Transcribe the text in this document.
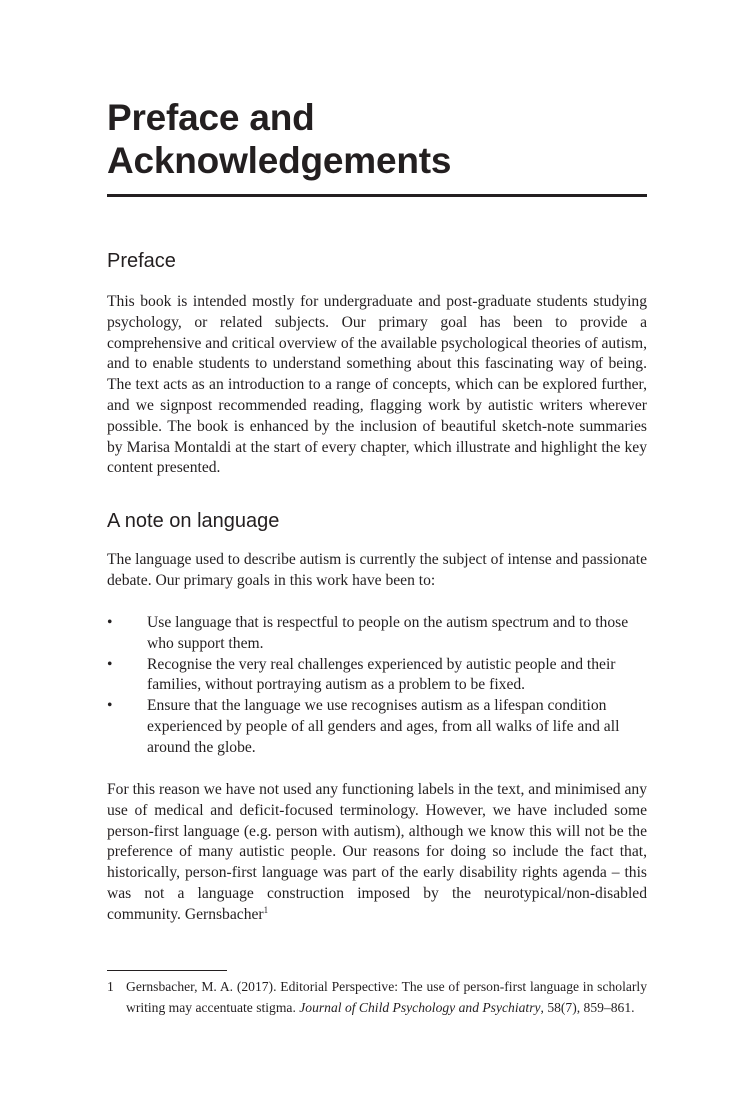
Preface and
Acknowledgements
Preface

This book is intended mostly for undergraduate and post-graduate students studying psychology, or related subjects. Our primary goal has been to provide a comprehensive and critical overview of the available psychological theories of autism, and to enable students to understand something about this fascinating way of being. The text acts as an introduction to a range of concepts, which can be explored further, and we signpost recommended reading, flagging work by autistic writers wherever possible. The book is enhanced by the inclusion of beautiful sketch-note summaries by Marisa Montaldi at the start of every chapter, which illustrate and highlight the key content presented.

A note on language

The language used to describe autism is currently the subject of intense and passionate debate. Our primary goals in this work have been to:

• Use language that is respectful to people on the autism spectrum and to those who support them.
• Recognise the very real challenges experienced by autistic people and their families, without portraying autism as a problem to be fixed.
• Ensure that the language we use recognises autism as a lifespan condition experienced by people of all genders and ages, from all walks of life and all around the globe.

For this reason we have not used any functioning labels in the text, and minimised any use of medical and deficit-focused terminology. However, we have included some person-first language (e.g. person with autism), although we know this will not be the preference of many autistic people. Our reasons for doing so include the fact that, historically, person-first language was part of the early disability rights agenda – this was not a language construction imposed by the neurotypical/non-disabled community. Gernsbacher$^1$

1 Gernsbacher, M. A. (2017). Editorial Perspective: The use of person-first language in scholarly writing may accentuate stigma. Journal of Child Psychology and Psychiatry, 58(7), 859–861.
